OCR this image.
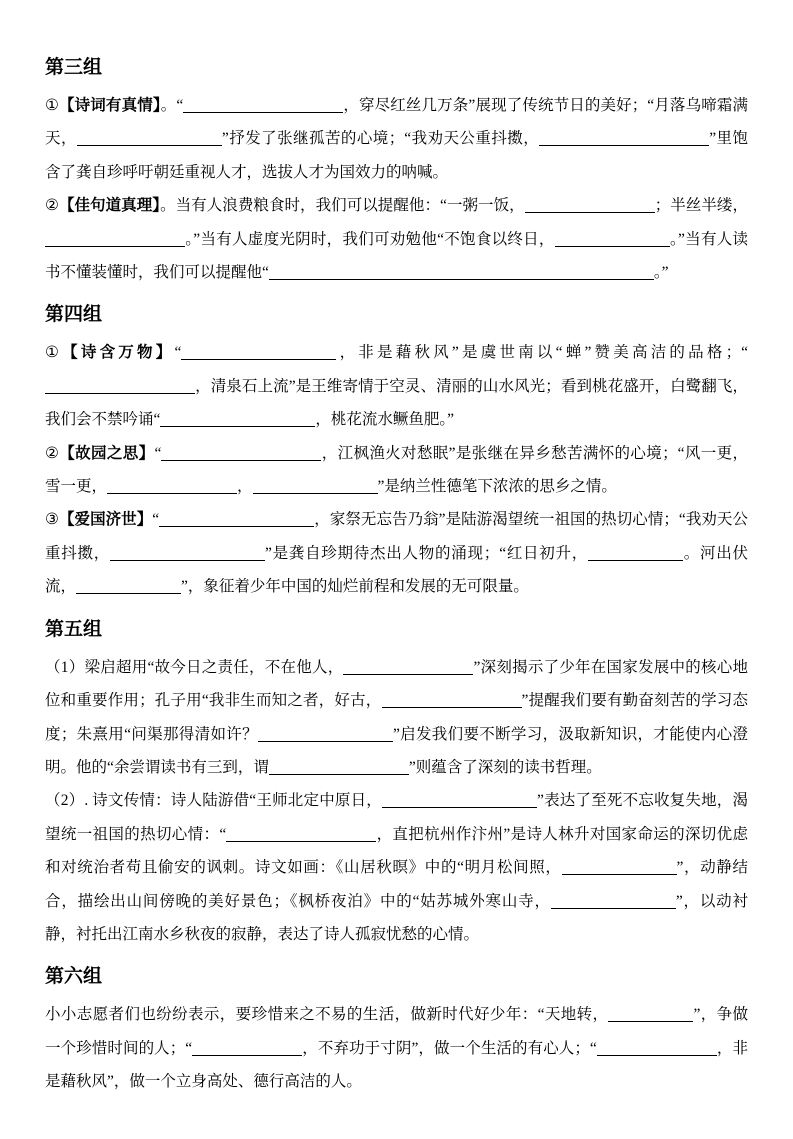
第三组

①【诗词有真情】。“	，穿尽红丝几万条”展现了传统节日的美好；“月落乌啼霜满天，	”抒发了张继孤苦的心境；“我劝天公重抖擞，	”里饱含了龚自珍呼吁朝廷重视人才，选拔人才为国效力的呐喊。

②【佳句道真理】。当有人浪费粮食时，我们可以提醒他：“一粥一饭，	；半丝半缕，。”当有人虚度光阴时，我们可劝勉他“不饱食以终日，	。”当有人读书不懂装懂时，我们可以提醒他“	。”

第四组

①【诗含万物】“	，非是藉秋风”是虞世南以“蝉”赞美高洁的品格；“，清泉石上流”是王维寄情于空灵、清丽的山水风光；看到桃花盛开，白鹭翻飞，我们会不禁吟诵“	，桃花流水鳜鱼肥。”

②【故园之思】“	，江枫渔火对愁眠”是张继在异乡愁苦满怀的心境；“风一更，雪一更，	，	”是纳兰性德笔下浓浓的思乡之情。

③【爱国济世】“	，家祭无忘告乃翁”是陆游渴望统一祖国的热切心情；“我劝天公重抖擞，	”是龚自珍期待杰出人物的涌现；“红日初升，	。河出伏流，	”，象征着少年中国的灿烂前程和发展的无可限量。

第五组

（1）梁启超用“故今日之责任，不在他人，	”深刻揭示了少年在国家发展中的核心地位和重要作用；孔子用“我非生而知之者，好古，	”提醒我们要有勤奋刻苦的学习态度；朱熹用“问渠那得清如许？	”启发我们要不断学习，汲取新知识，才能使内心澄明。他的“余尝谓读书有三到，谓	”则蕴含了深刻的读书哲理。

（2）. 诗文传情：诗人陆游借“王师北定中原日，	”表达了至死不忘收复失地，渴望统一祖国的热切心情：“	，直把杭州作汴州”是诗人林升对国家命运的深切优虑和对统治者苟且偷安的讽刺。诗文如画：《山居秋暝》中的“明月松间照，	”，动静结合，描绘出山间傍晚的美好景色；《枫桥夜泊》中的“姑苏城外寒山寺，	”，以动衬静，衬托出江南水乡秋夜的寂静，表达了诗人孤寂忧愁的心情。

第六组

小小志愿者们也纷纷表示，要珍惜来之不易的生活，做新时代好少年：“天地转，	”，争做一个珍惜时间的人；“	，不弃功于寸阴”，做一个生活的有心人；“	，非是藉秋风”，做一个立身高处、德行高洁的人。
